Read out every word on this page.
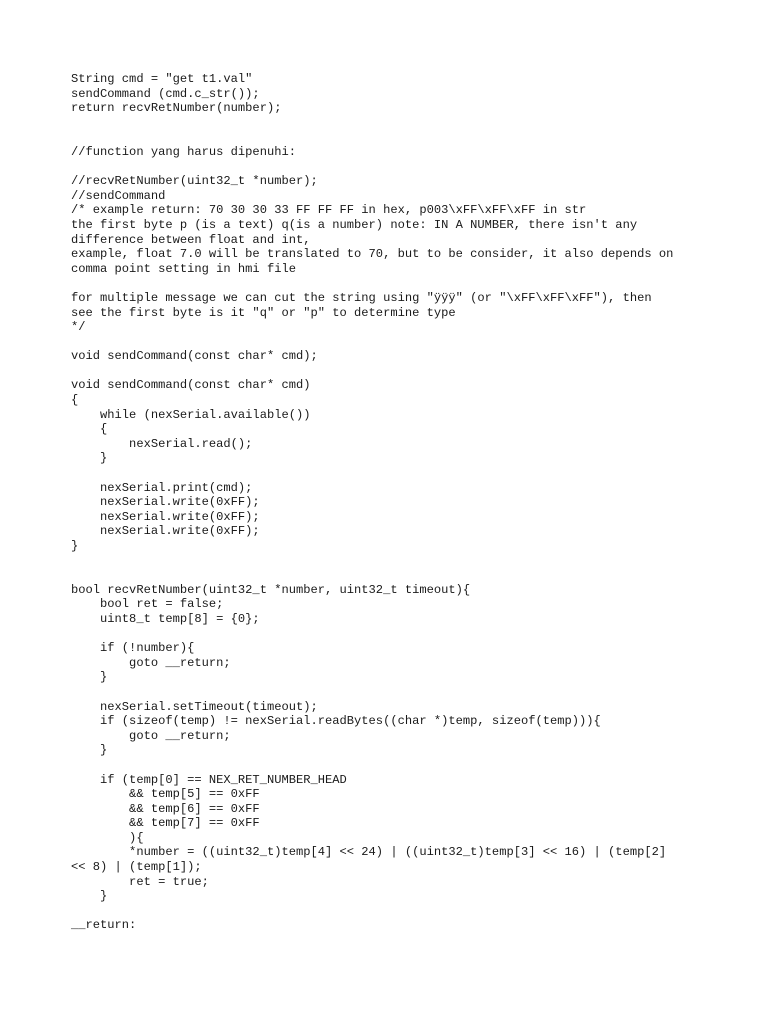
String cmd = "get t1.val"
sendCommand (cmd.c_str());
return recvRetNumber(number);
//function yang harus dipenuhi:
//recvRetNumber(uint32_t *number);
//sendCommand
/* example return: 70 30 30 33 FF FF FF in hex, p003\xFF\xFF\xFF in str
the first byte p (is a text) q(is a number) note: IN A NUMBER, there isn't any
difference between float and int,
example, float 7.0 will be translated to 70, but to be consider, it also depends on
comma point setting in hmi file
for multiple message we can cut the string using "ÿÿÿ" (or "\xFF\xFF\xFF"), then
see the first byte is it "q" or "p" to determine type
*/
void sendCommand(const char* cmd);
void sendCommand(const char* cmd)
{
while (nexSerial.available())
{
nexSerial.read();
}
nexSerial.print(cmd);
nexSerial.write(0xFF);
nexSerial.write(0xFF);
nexSerial.write(0xFF);
}
bool recvRetNumber(uint32_t *number, uint32_t timeout){
bool ret = false;
uint8_t temp[8] = {0};
if (!number){
goto __return;
}
nexSerial.setTimeout(timeout);
if (sizeof(temp) != nexSerial.readBytes((char *)temp, sizeof(temp))){
goto __return;
}
if (temp[0] == NEX_RET_NUMBER_HEAD
&& temp[5] == 0xFF
&& temp[6] == 0xFF
&& temp[7] == 0xFF
){
*number = ((uint32_t)temp[4] << 24) | ((uint32_t)temp[3] << 16) | (temp[2]
<< 8) | (temp[1]);
ret = true;
}
__return:
